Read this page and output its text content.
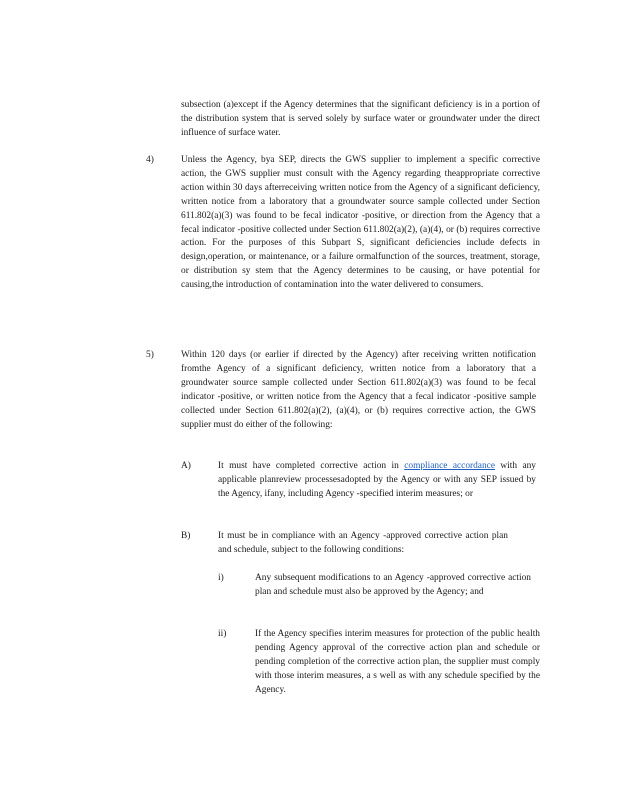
subsection (a)except if the Agency determines that the significant deficiency is in a portion of the distribution system that is served solely by surface water or groundwater under the direct influence of surface water.
4)	Unless the Agency, bya SEP, directs the GWS supplier to implement a specific corrective action, the GWS supplier must consult with the Agency regarding theappropriate corrective action within 30 days afterreceiving written notice from the Agency of a significant deficiency, written notice from a laboratory that a groundwater source sample collected under Section 611.802(a)(3) was found to be fecal indicator -positive, or direction from the Agency that a fecal indicator -positive collected under Section 611.802(a)(2), (a)(4), or (b) requires corrective action. For the purposes of this Subpart S, significant deficiencies include defects in design,operation, or maintenance, or a failure ormalfunction of the sources, treatment, storage, or distribution sy stem that the Agency determines to be causing, or have potential for causing,the introduction of contamination into the water delivered to consumers.
5)	Within 120 days (or earlier if directed by the Agency) after receiving written notification fromthe Agency of a significant deficiency, written notice from a laboratory that a groundwater source sample collected under Section 611.802(a)(3) was found to be fecal indicator -positive, or written notice from the Agency that a fecal indicator -positive sample collected under Section 611.802(a)(2), (a)(4), or (b) requires corrective action, the GWS supplier must do either of the following:
A)	It must have completed corrective action in compliance accordance with any applicable planreview processesadopted by the Agency or with any SEP issued by the Agency, ifany, including Agency -specified interim measures; or
B)	It must be in compliance with an Agency -approved corrective action plan and schedule, subject to the following conditions:
i)	Any subsequent modifications to an Agency -approved corrective action plan and schedule must also be approved by the Agency; and
ii)	If the Agency specifies interim measures for protection of the public health pending Agency approval of the corrective action plan and schedule or pending completion of the corrective action plan, the supplier must comply with those interim measures, a s well as with any schedule specified by the Agency.
